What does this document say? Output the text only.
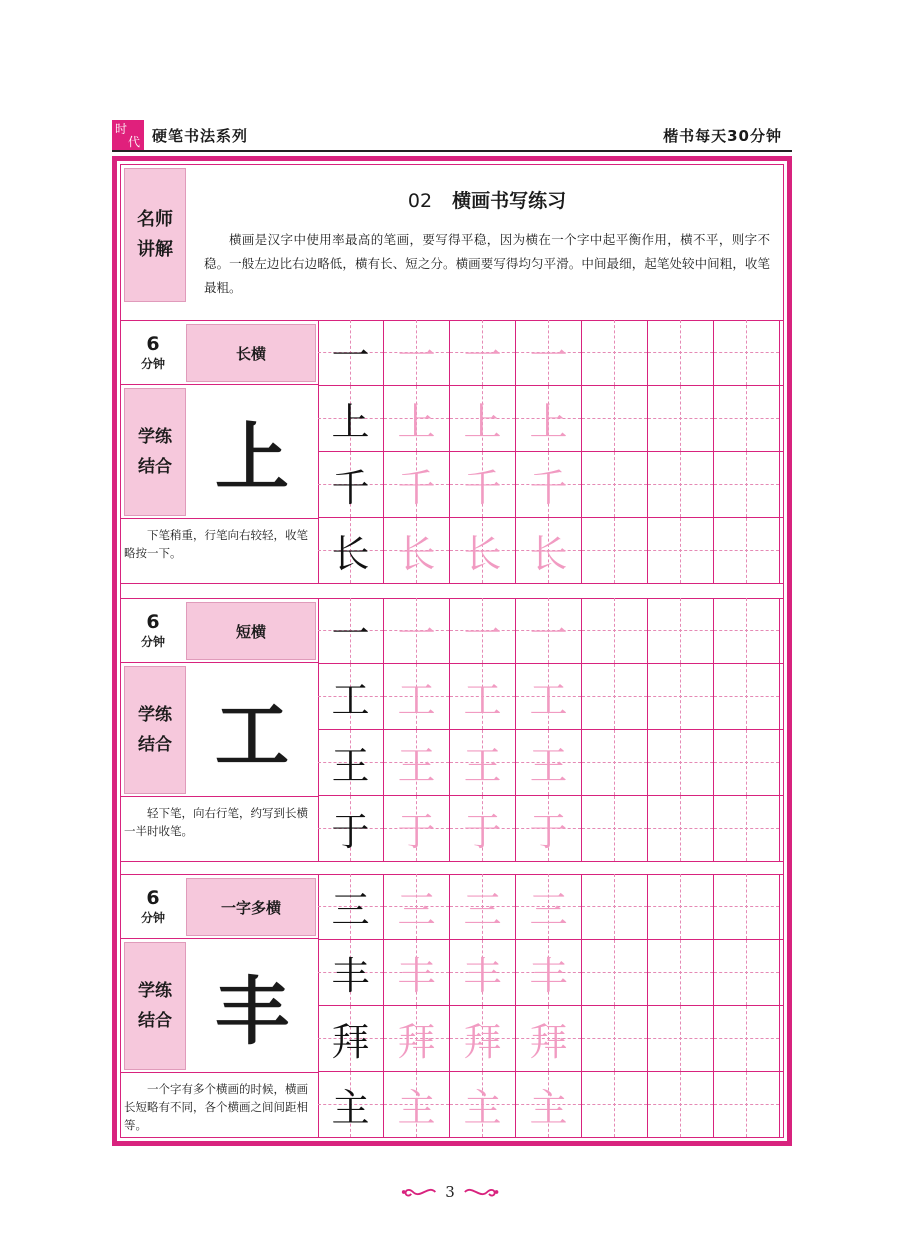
时
代 硬笔书法系列	楷书每天30分钟
名师
讲解
02 横画书写练习
横画是汉字中使用率最高的笔画，要写得平稳，因为横在一个字中起平衡作用，横不平，则字不稳。一般左边比右边略低，横有长、短之分。横画要写得均匀平滑。中间最细，起笔处较中间粗，收笔最粗。
6
分钟
长横
学练
结合 上
下笔稍重，行笔向右较轻，收笔略按一下。
一 一 一 一
上 上 上 上
千 千 千 千
长 长 长 长
6
分钟
短横
学练
结合 工
轻下笔，向右行笔，约写到长横一半时收笔。
一 一 一 一
工 工 工 工
王 王 王 王
于 于 于 于
6
分钟
一字多横
学练
结合 丰
一个字有多个横画的时候，横画长短略有不同，各个横画之间间距相等。
三 三 三 三
丰 丰 丰 丰
拜 拜 拜 拜
主 主 主 主
3
